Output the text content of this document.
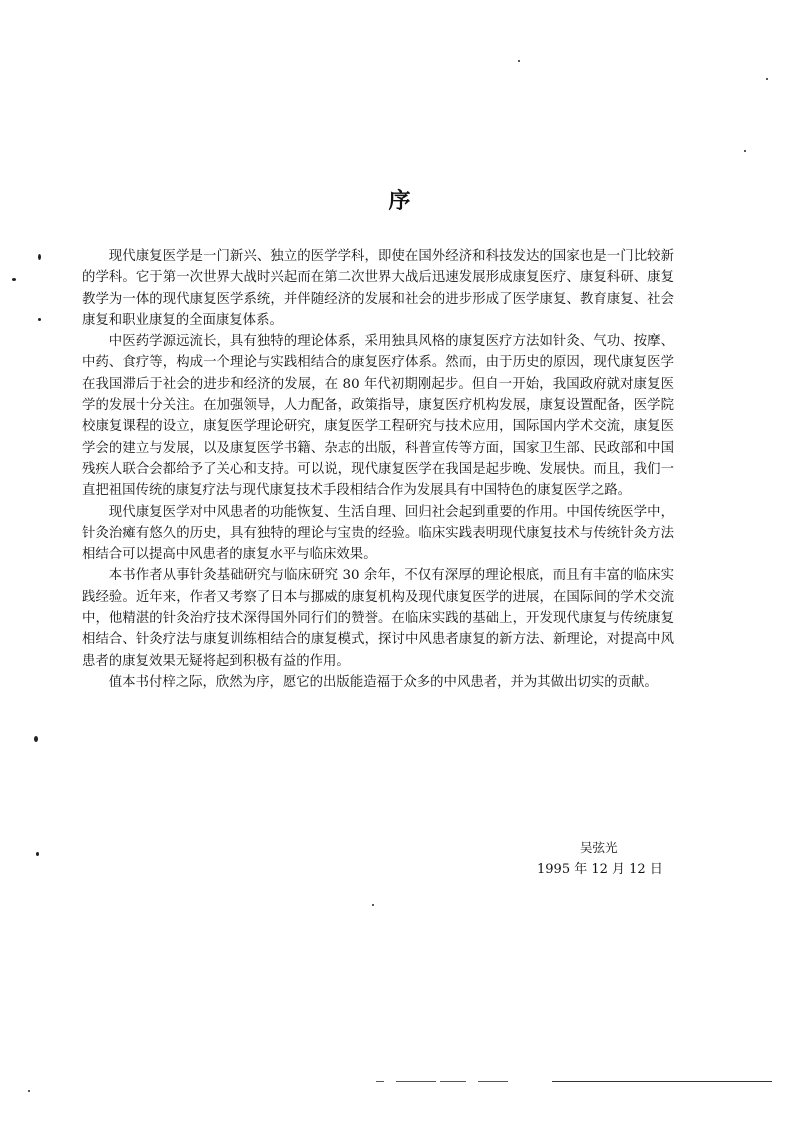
序

现代康复医学是一门新兴、独立的医学学科，即使在国外经济和科技发达的国家也是一门比较新的学科。它于第一次世界大战时兴起而在第二次世界大战后迅速发展形成康复医疗、康复科研、康复教学为一体的现代康复医学系统，并伴随经济的发展和社会的进步形成了医学康复、教育康复、社会康复和职业康复的全面康复体系。

中医药学源远流长，具有独特的理论体系，采用独具风格的康复医疗方法如针灸、气功、按摩、中药、食疗等，构成一个理论与实践相结合的康复医疗体系。然而，由于历史的原因，现代康复医学在我国滞后于社会的进步和经济的发展，在 80 年代初期刚起步。但自一开始，我国政府就对康复医学的发展十分关注。在加强领导，人力配备，政策指导，康复医疗机构发展，康复设置配备，医学院校康复课程的设立，康复医学理论研究，康复医学工程研究与技术应用，国际国内学术交流，康复医学会的建立与发展，以及康复医学书籍、杂志的出版，科普宣传等方面，国家卫生部、民政部和中国残疾人联合会都给予了关心和支持。可以说，现代康复医学在我国是起步晚、发展快。而且，我们一直把祖国传统的康复疗法与现代康复技术手段相结合作为发展具有中国特色的康复医学之路。

现代康复医学对中风患者的功能恢复、生活自理、回归社会起到重要的作用。中国传统医学中，针灸治瘫有悠久的历史，具有独特的理论与宝贵的经验。临床实践表明现代康复技术与传统针灸方法相结合可以提高中风患者的康复水平与临床效果。

本书作者从事针灸基础研究与临床研究 30 余年，不仅有深厚的理论根底，而且有丰富的临床实践经验。近年来，作者又考察了日本与挪威的康复机构及现代康复医学的进展，在国际间的学术交流中，他精湛的针灸治疗技术深得国外同行们的赞誉。在临床实践的基础上，开发现代康复与传统康复相结合、针灸疗法与康复训练相结合的康复模式，探讨中风患者康复的新方法、新理论，对提高中风患者的康复效果无疑将起到积极有益的作用。

值本书付梓之际，欣然为序，愿它的出版能造福于众多的中风患者，并为其做出切实的贡献。

吴弦光

1995 年 12 月 12 日
